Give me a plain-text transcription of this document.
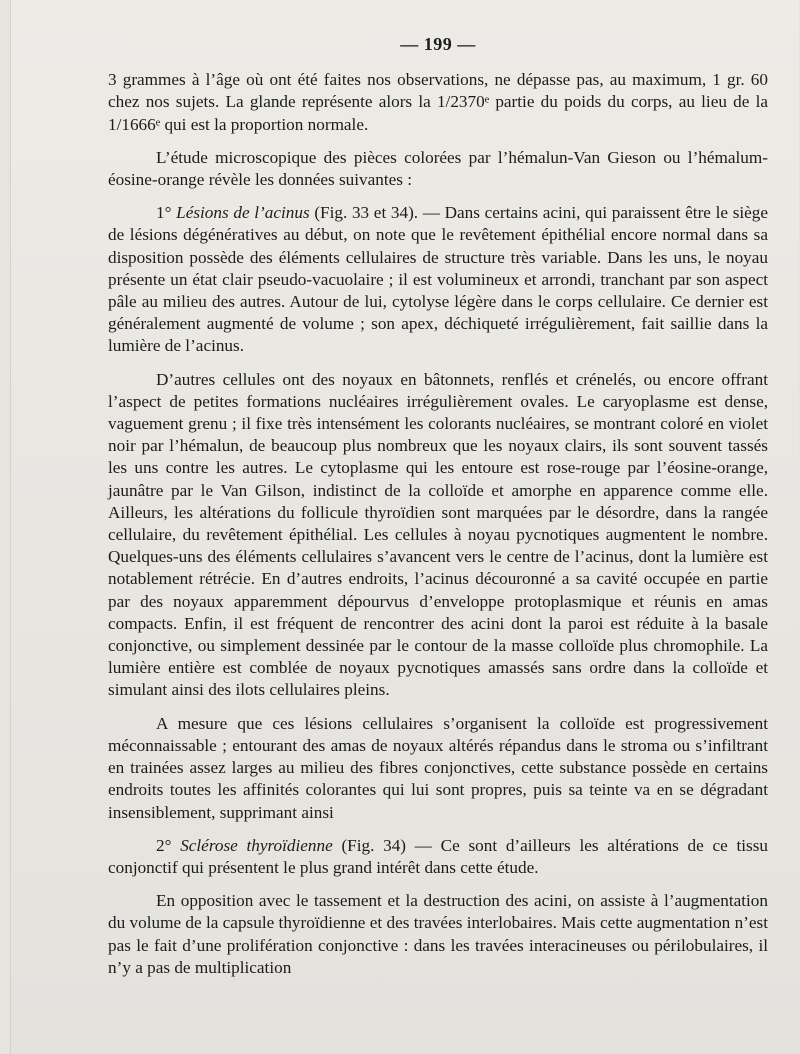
— 199 —

3 grammes à l’âge où ont été faites nos observations, ne dépasse pas, au maximum, 1 gr. 60 chez nos sujets. La glande représente alors la 1/2370ᵉ partie du poids du corps, au lieu de la 1/1666ᵉ qui est la proportion normale.

L’étude microscopique des pièces colorées par l’hémalun-Van Gieson ou l’hémalum-éosine-orange révèle les données suivantes :

1° Lésions de l’acinus (Fig. 33 et 34). — Dans certains acini, qui paraissent être le siège de lésions dégénératives au début, on note que le revêtement épithélial encore normal dans sa disposition possède des éléments cellulaires de structure très variable. Dans les uns, le noyau présente un état clair pseudo-vacuolaire ; il est volumineux et arrondi, tranchant par son aspect pâle au milieu des autres. Autour de lui, cytolyse légère dans le corps cellulaire. Ce dernier est généralement augmenté de volume ; son apex, déchiqueté irrégulièrement, fait saillie dans la lumière de l’acinus.

D’autres cellules ont des noyaux en bâtonnets, renflés et crénelés, ou encore offrant l’aspect de petites formations nucléaires irrégulièrement ovales. Le caryoplasme est dense, vaguement grenu ; il fixe très intensément les colorants nucléaires, se montrant coloré en violet noir par l’hémalun, de beaucoup plus nombreux que les noyaux clairs, ils sont souvent tassés les uns contre les autres. Le cytoplasme qui les entoure est rose-rouge par l’éosine-orange, jaunâtre par le Van Gilson, indistinct de la colloïde et amorphe en apparence comme elle. Ailleurs, les altérations du follicule thyroïdien sont marquées par le désordre, dans la rangée cellulaire, du revêtement épithélial. Les cellules à noyau pycnotiques augmentent le nombre. Quelques-uns des éléments cellulaires s’avancent vers le centre de l’acinus, dont la lumière est notablement rétrécie. En d’autres endroits, l’acinus découronné a sa cavité occupée en partie par des noyaux apparemment dépourvus d’enveloppe protoplasmique et réunis en amas compacts. Enfin, il est fréquent de rencontrer des acini dont la paroi est réduite à la basale conjonctive, ou simplement dessinée par le contour de la masse colloïde plus chromophile. La lumière entière est comblée de noyaux pycnotiques amassés sans ordre dans la colloïde et simulant ainsi des ilots cellulaires pleins.

A mesure que ces lésions cellulaires s’organisent la colloïde est progressivement méconnaissable ; entourant des amas de noyaux altérés répandus dans le stroma ou s’infiltrant en trainées assez larges au milieu des fibres conjonctives, cette substance possède en certains endroits toutes les affinités colorantes qui lui sont propres, puis sa teinte va en se dégradant insensiblement, supprimant ainsi

2° Sclérose thyroïdienne (Fig. 34) — Ce sont d’ailleurs les altérations de ce tissu conjonctif qui présentent le plus grand intérêt dans cette étude.

En opposition avec le tassement et la destruction des acini, on assiste à l’augmentation du volume de la capsule thyroïdienne et des travées interlobaires. Mais cette augmentation n’est pas le fait d’une prolifération conjonctive : dans les travées interacineuses ou périlobulaires, il n’y a pas de multiplication
